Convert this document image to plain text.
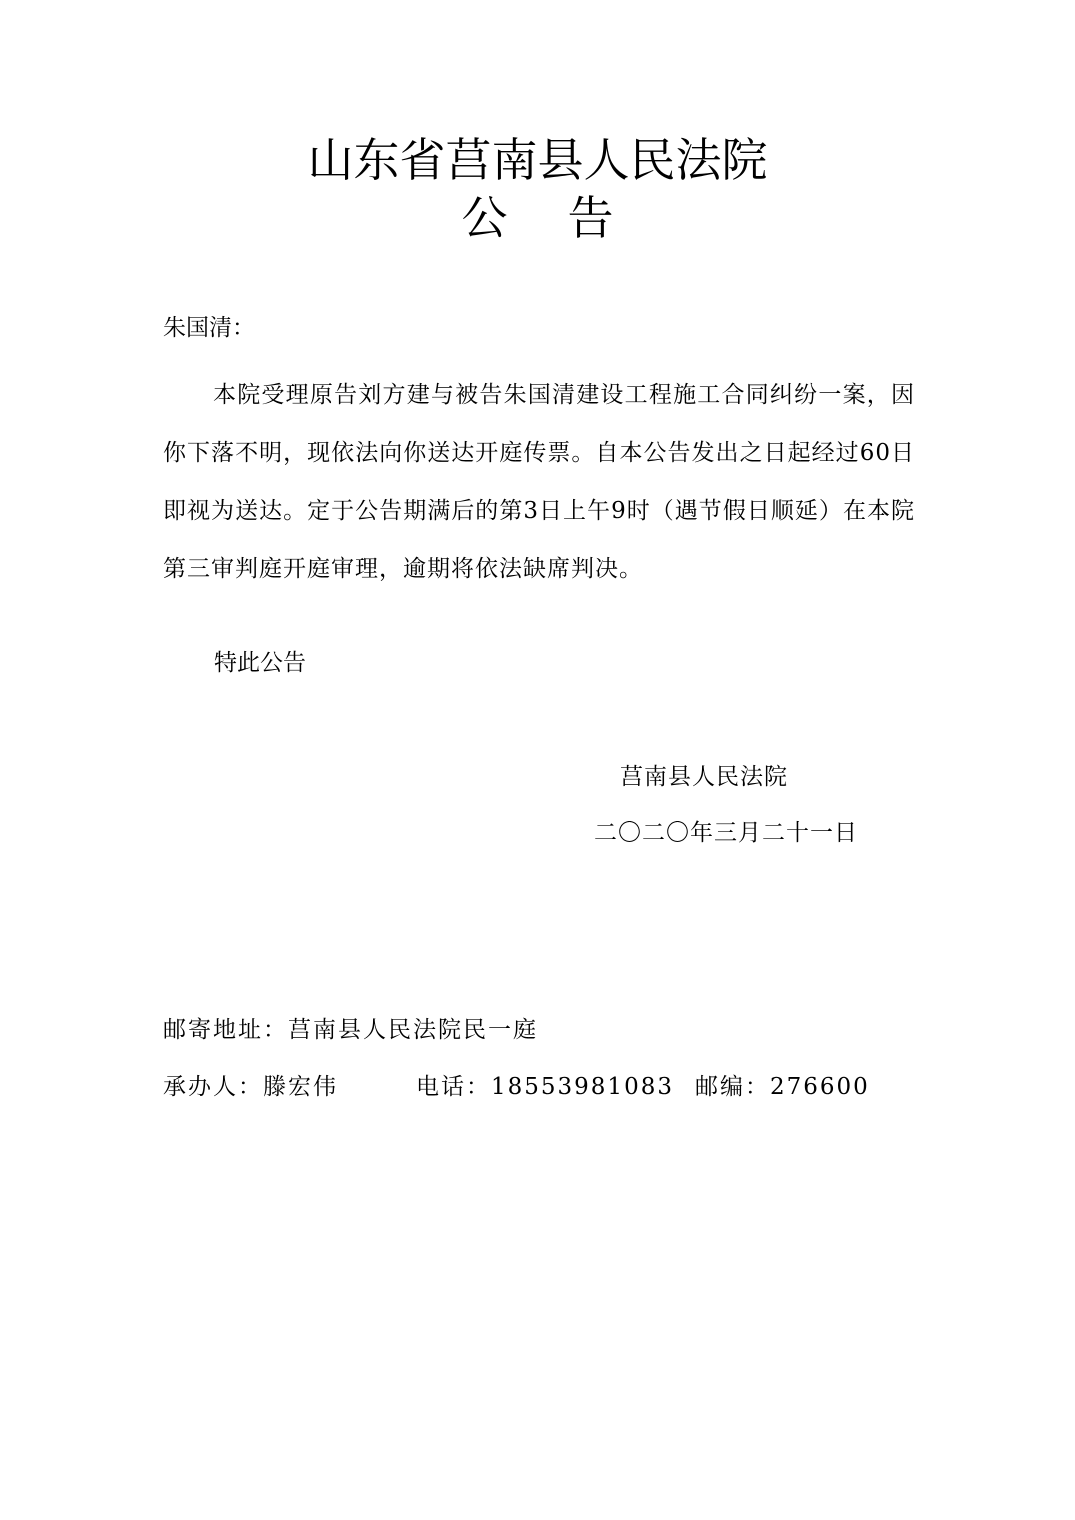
山东省莒南县人民法院
公告
朱国清：
本院受理原告刘方建与被告朱国清建设工程施工合同纠纷一案，因你下落不明，现依法向你送达开庭传票。自本公告发出之日起经过60日即视为送达。定于公告期满后的第3日上午9时（遇节假日顺延）在本院第三审判庭开庭审理，逾期将依法缺席判决。
特此公告
莒南县人民法院
二〇二〇年三月二十一日
邮寄地址：莒南县人民法院民一庭
承办人：滕宏伟	电话：18553981083 邮编：276600
